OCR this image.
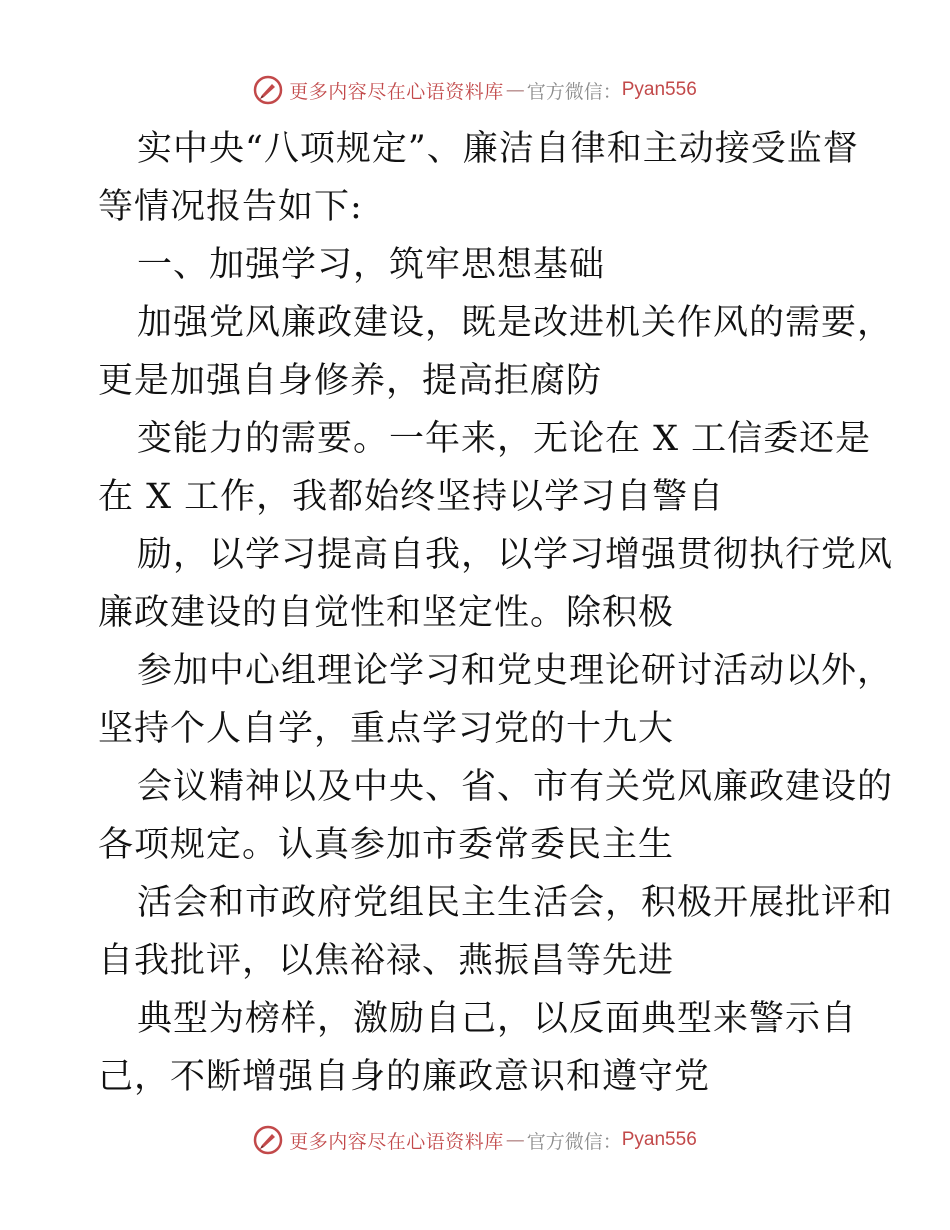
更多内容尽在心语资料库 — 官方微信： Pyan556
实中央“八项规定”、廉洁自律和主动接受监督
等情况报告如下:
一、加强学习，筑牢思想基础
加强党风廉政建设，既是改进机关作风的需要，
更是加强自身修养，提高拒腐防
变能力的需要。一年来，无论在 X 工信委还是
在 X 工作，我都始终坚持以学习自警自
励，以学习提高自我，以学习增强贯彻执行党风
廉政建设的自觉性和坚定性。除积极
参加中心组理论学习和党史理论研讨活动以外，
坚持个人自学，重点学习党的十九大
会议精神以及中央、省、市有关党风廉政建设的
各项规定。认真参加市委常委民主生
活会和市政府党组民主生活会，积极开展批评和
自我批评，以焦裕禄、燕振昌等先进
典型为榜样，激励自己，以反面典型来警示自
己，不断增强自身的廉政意识和遵守党
更多内容尽在心语资料库 — 官方微信： Pyan556
